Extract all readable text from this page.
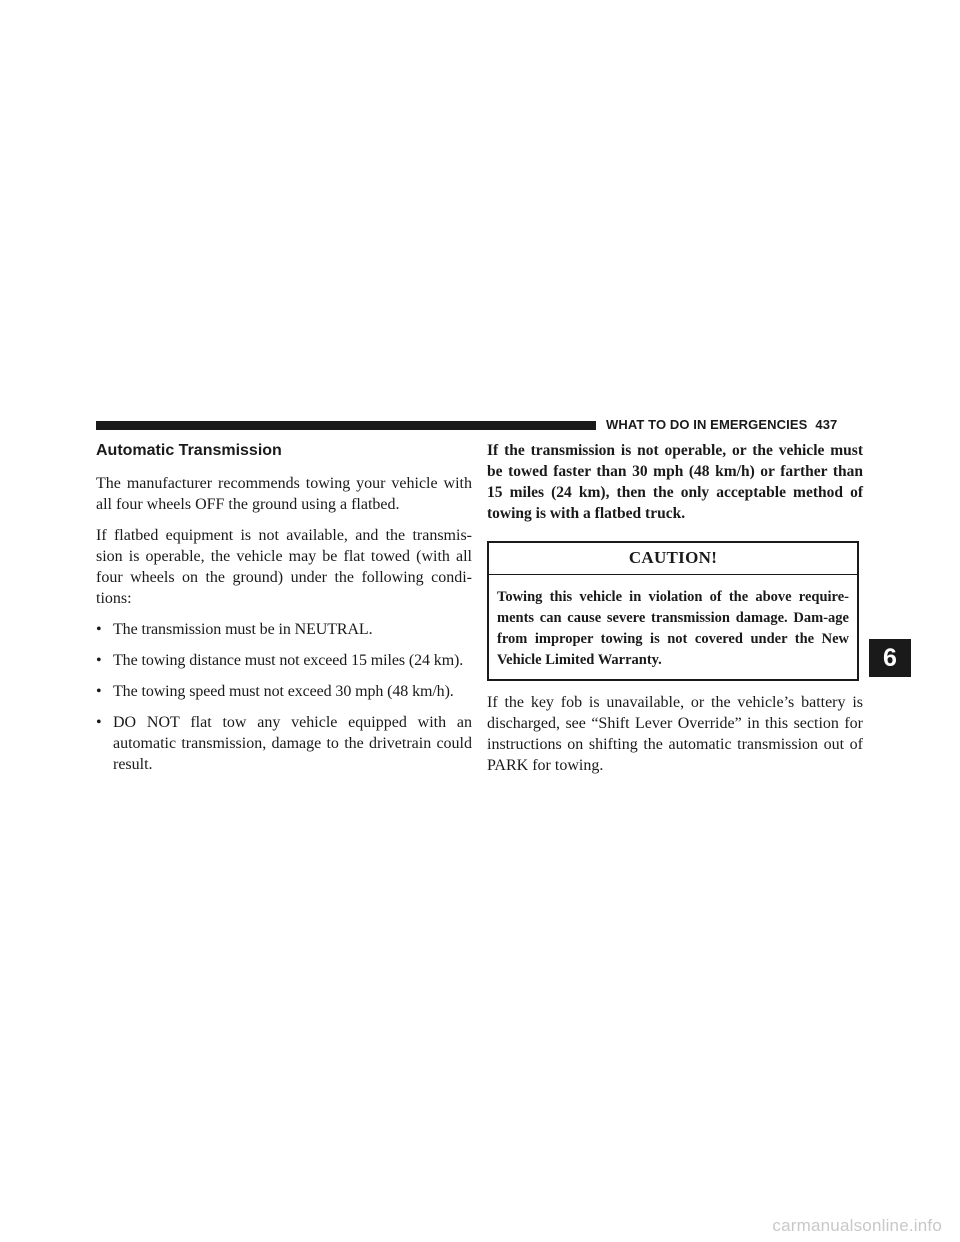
WHAT TO DO IN EMERGENCIES 437
Automatic Transmission

The manufacturer recommends towing your vehicle with all four wheels OFF the ground using a flatbed.

If flatbed equipment is not available, and the transmis-sion is operable, the vehicle may be flat towed (with all four wheels on the ground) under the following condi-tions:

• The transmission must be in NEUTRAL.
• The towing distance must not exceed 15 miles (24 km).
• The towing speed must not exceed 30 mph (48 km/h).
• DO NOT flat tow any vehicle equipped with an automatic transmission, damage to the drivetrain could result.
If the transmission is not operable, or the vehicle must be towed faster than 30 mph (48 km/h) or farther than 15 miles (24 km), then the only acceptable method of towing is with a flatbed truck.
CAUTION!
Towing this vehicle in violation of the above require-ments can cause severe transmission damage. Dam-age from improper towing is not covered under the New Vehicle Limited Warranty.

If the key fob is unavailable, or the vehicle’s battery is discharged, see “Shift Lever Override” in this section for instructions on shifting the automatic transmission out of PARK for towing.

6
carmanualsonline.info
